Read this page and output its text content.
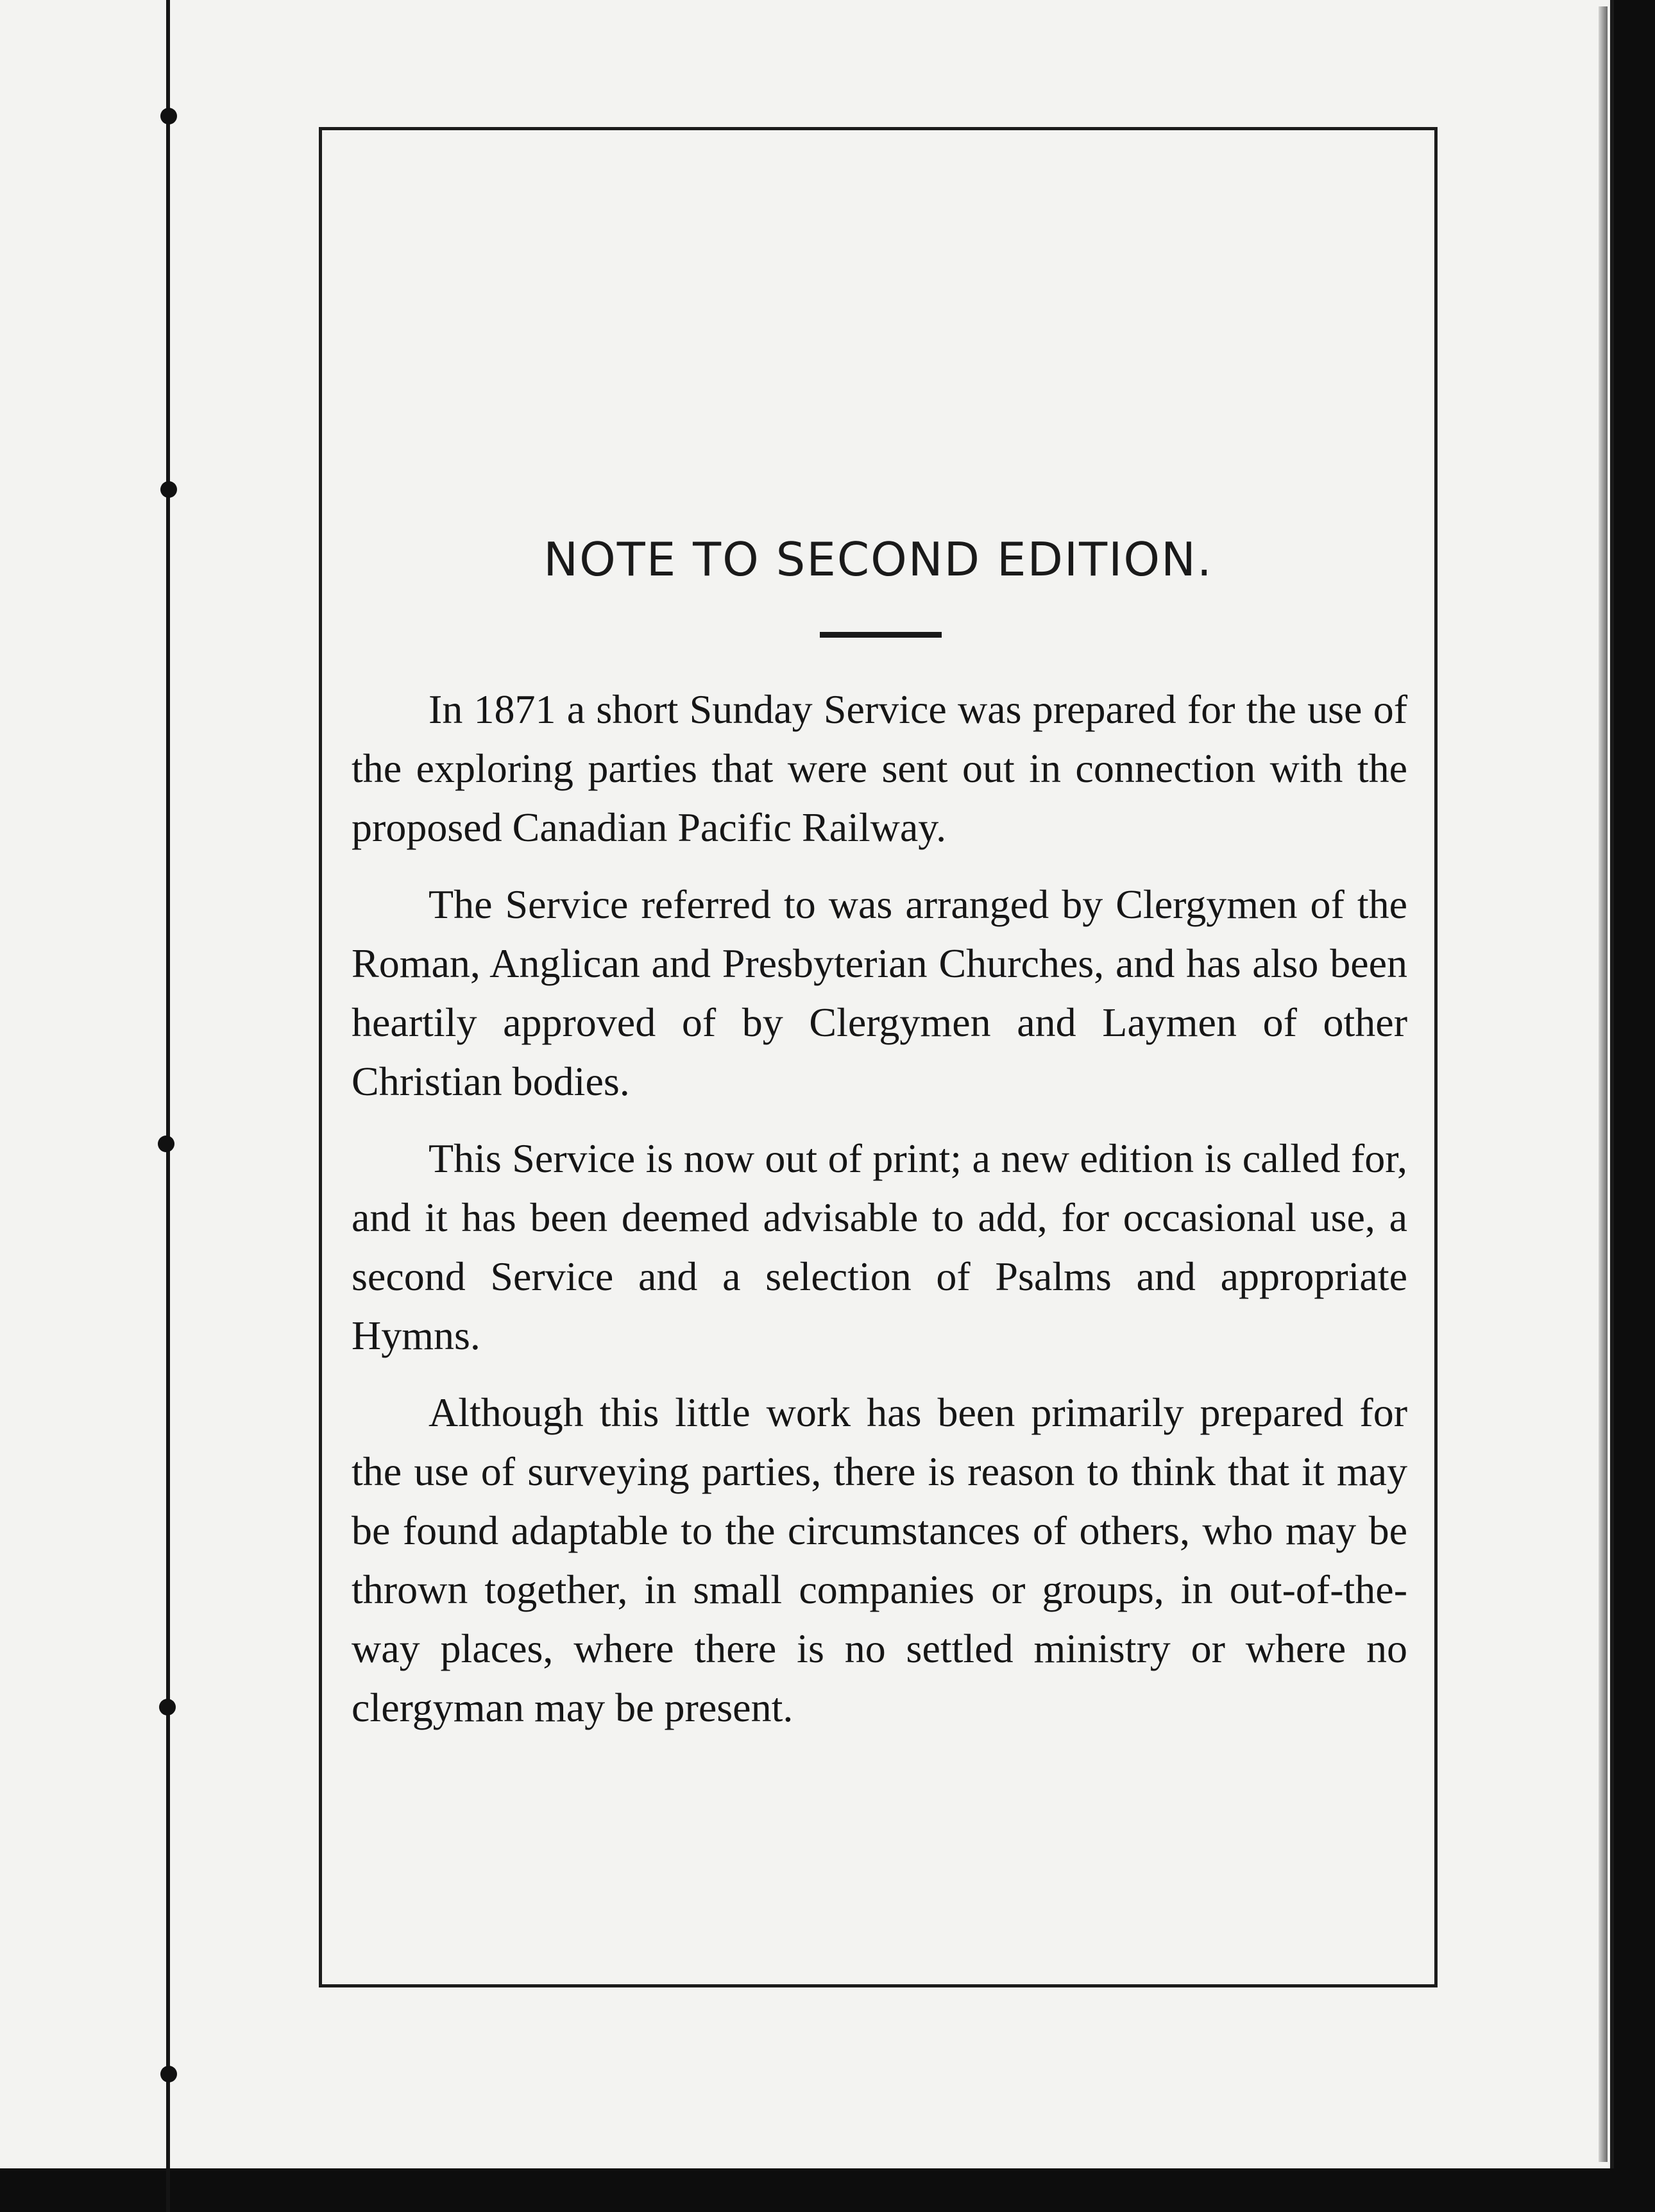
NOTE TO SECOND EDITION.

In 1871 a short Sunday Service was prepared for the use of the exploring parties that were sent out in connection with the proposed Canadian Pacific Railway.

The Service referred to was arranged by Clergymen of the Roman, Anglican and Presbyterian Churches, and has also been heartily approved of by Clergymen and Laymen of other Christian bodies.

This Service is now out of print; a new edition is called for, and it has been deemed advisable to add, for occasional use, a second Service and a selection of Psalms and appropriate Hymns.

Although this little work has been primarily prepared for the use of surveying parties, there is reason to think that it may be found adaptable to the circumstances of others, who may be thrown together, in small companies or groups, in out-of-the-way places, where there is no settled ministry or where no clergyman may be present.
